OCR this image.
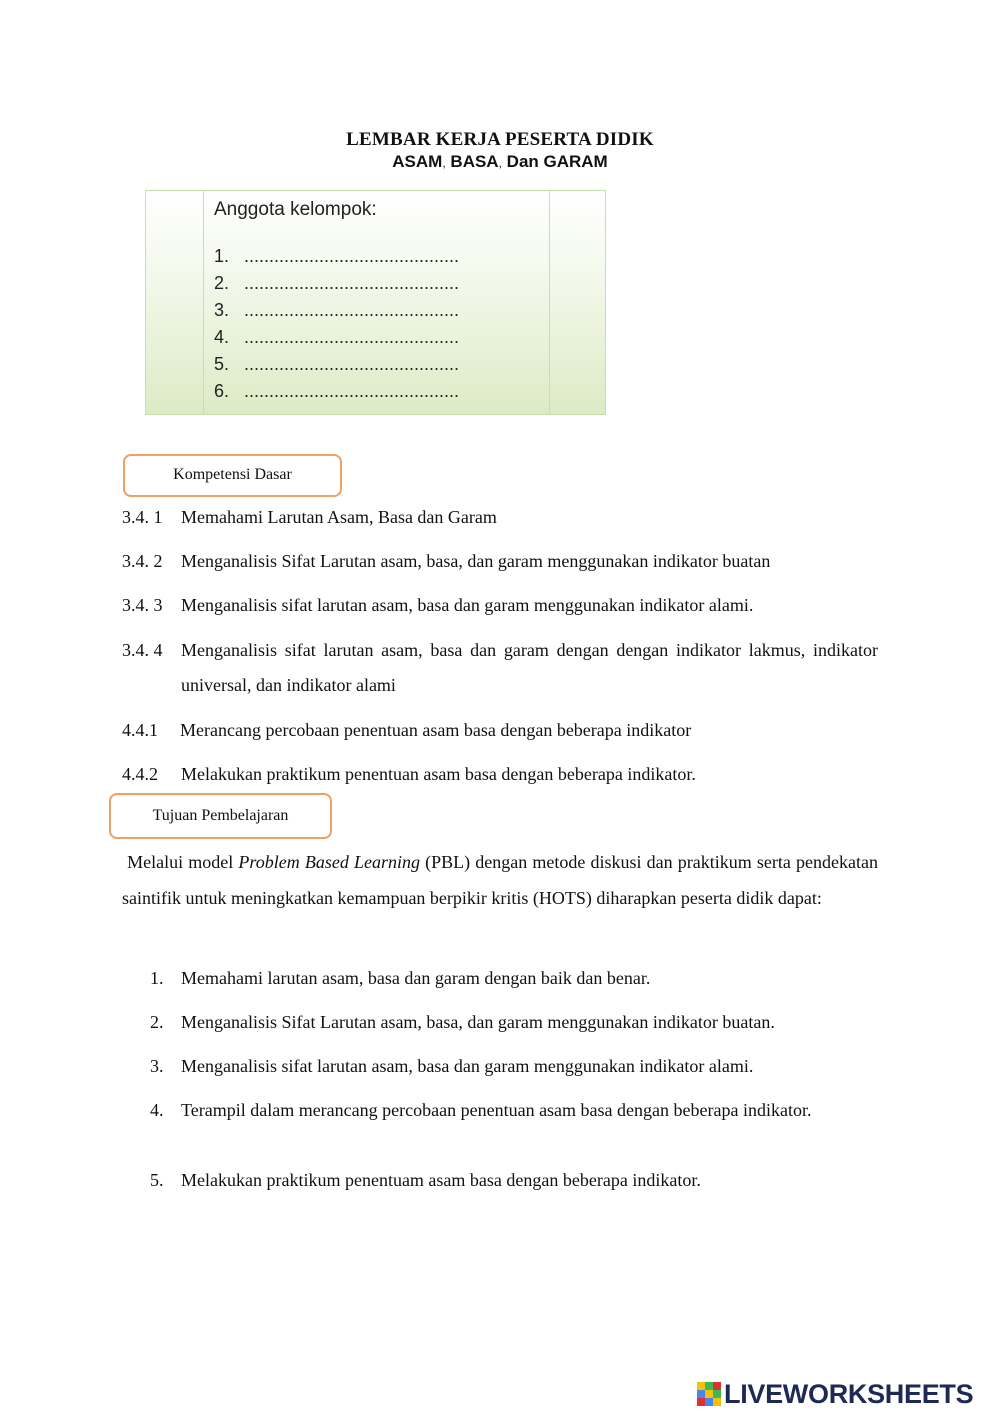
LEMBAR KERJA PESERTA DIDIK
ASAM, BASA, Dan GARAM
Anggota kelompok:
1. ...........................................
2. ...........................................
3. ...........................................
4. ...........................................
5. ...........................................
6. ...........................................
Kompetensi Dasar
3.4. 1 Memahami Larutan Asam, Basa dan Garam
3.4. 2 Menganalisis Sifat Larutan asam, basa, dan garam menggunakan indikator buatan
3.4. 3 Menganalisis sifat larutan asam, basa dan garam menggunakan indikator alami.
3.4. 4 Menganalisis sifat larutan asam, basa dan garam dengan dengan indikator lakmus, indikator universal, dan indikator alami
4.4.1 Merancang percobaan penentuan asam basa dengan beberapa indikator
4.4.2 Melakukan praktikum penentuan asam basa dengan beberapa indikator.
Tujuan Pembelajaran
Melalui model Problem Based Learning (PBL) dengan metode diskusi dan praktikum serta pendekatan saintifik untuk meningkatkan kemampuan berpikir kritis (HOTS) diharapkan peserta didik dapat:
1. Memahami larutan asam, basa dan garam dengan baik dan benar.
2. Menganalisis Sifat Larutan asam, basa, dan garam menggunakan indikator buatan.
3. Menganalisis sifat larutan asam, basa dan garam menggunakan indikator alami.
4. Terampil dalam merancang percobaan penentuan asam basa dengan beberapa indikator.
5. Melakukan praktikum penentuam asam basa dengan beberapa indikator.
LIVEWORKSHEETS
